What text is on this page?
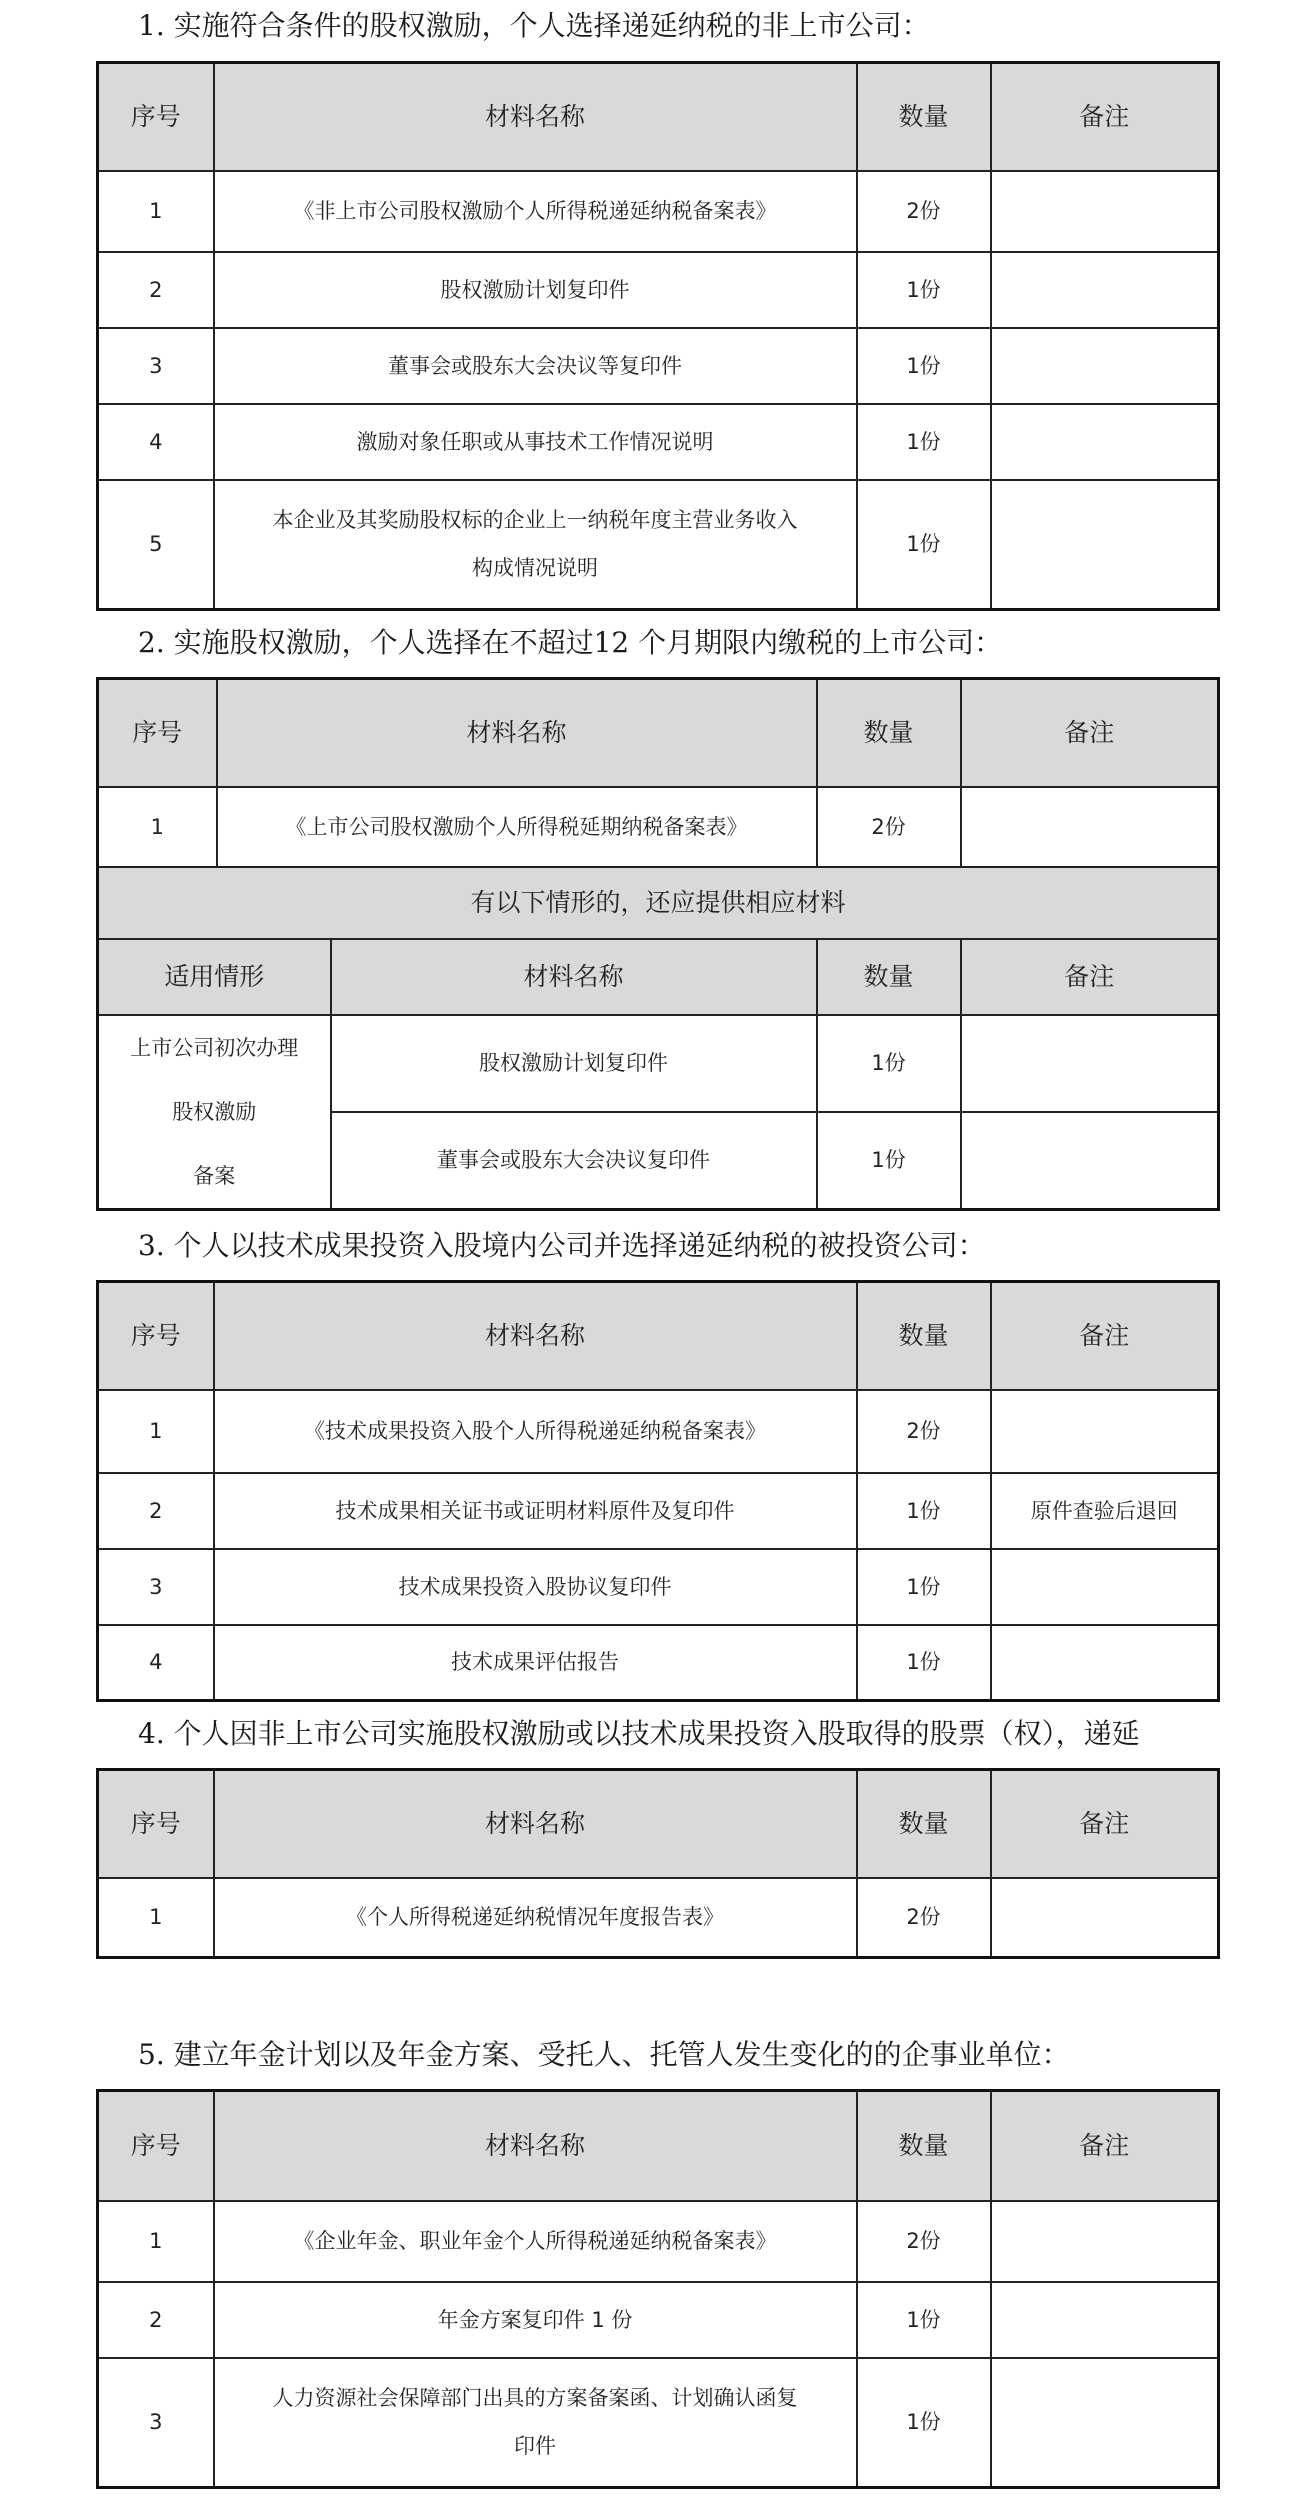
1. 实施符合条件的股权激励，个人选择递延纳税的非上市公司：
序号	材料名称	数量	备注
1	《非上市公司股权激励个人所得税递延纳税备案表》	2份	
2	股权激励计划复印件	1份	
3	董事会或股东大会决议等复印件	1份	
4	激励对象任职或从事技术工作情况说明	1份	
5	本企业及其奖励股权标的企业上一纳税年度主营业务收入
构成情况说明	1份	
2. 实施股权激励，个人选择在不超过12 个月期限内缴税的上市公司：
序号	材料名称		数量	备注
1	《上市公司股权激励个人所得税延期纳税备案表》		2份	
有以下情形的，还应提供相应材料				
适用情形		材料名称	数量	备注

上市公司初次办理
股权激励
备案		股权激励计划复印件	1份	
		董事会或股东大会决议复印件	1份	
3. 个人以技术成果投资入股境内公司并选择递延纳税的被投资公司：
序号	材料名称	数量	备注
1	《技术成果投资入股个人所得税递延纳税备案表》	2份	
2	技术成果相关证书或证明材料原件及复印件	1份	原件查验后退回
3	技术成果投资入股协议复印件	1份	
4	技术成果评估报告	1份	
4. 个人因非上市公司实施股权激励或以技术成果投资入股取得的股票（权），递延
序号	材料名称	数量	备注
1	《个人所得税递延纳税情况年度报告表》	2份	
5. 建立年金计划以及年金方案、受托人、托管人发生变化的的企事业单位：
序号	材料名称	数量	备注
1	《企业年金、职业年金个人所得税递延纳税备案表》	2份	
2	年金方案复印件 1 份	1份	
3	人力资源社会保障部门出具的方案备案函、计划确认函复
印件	1份	
